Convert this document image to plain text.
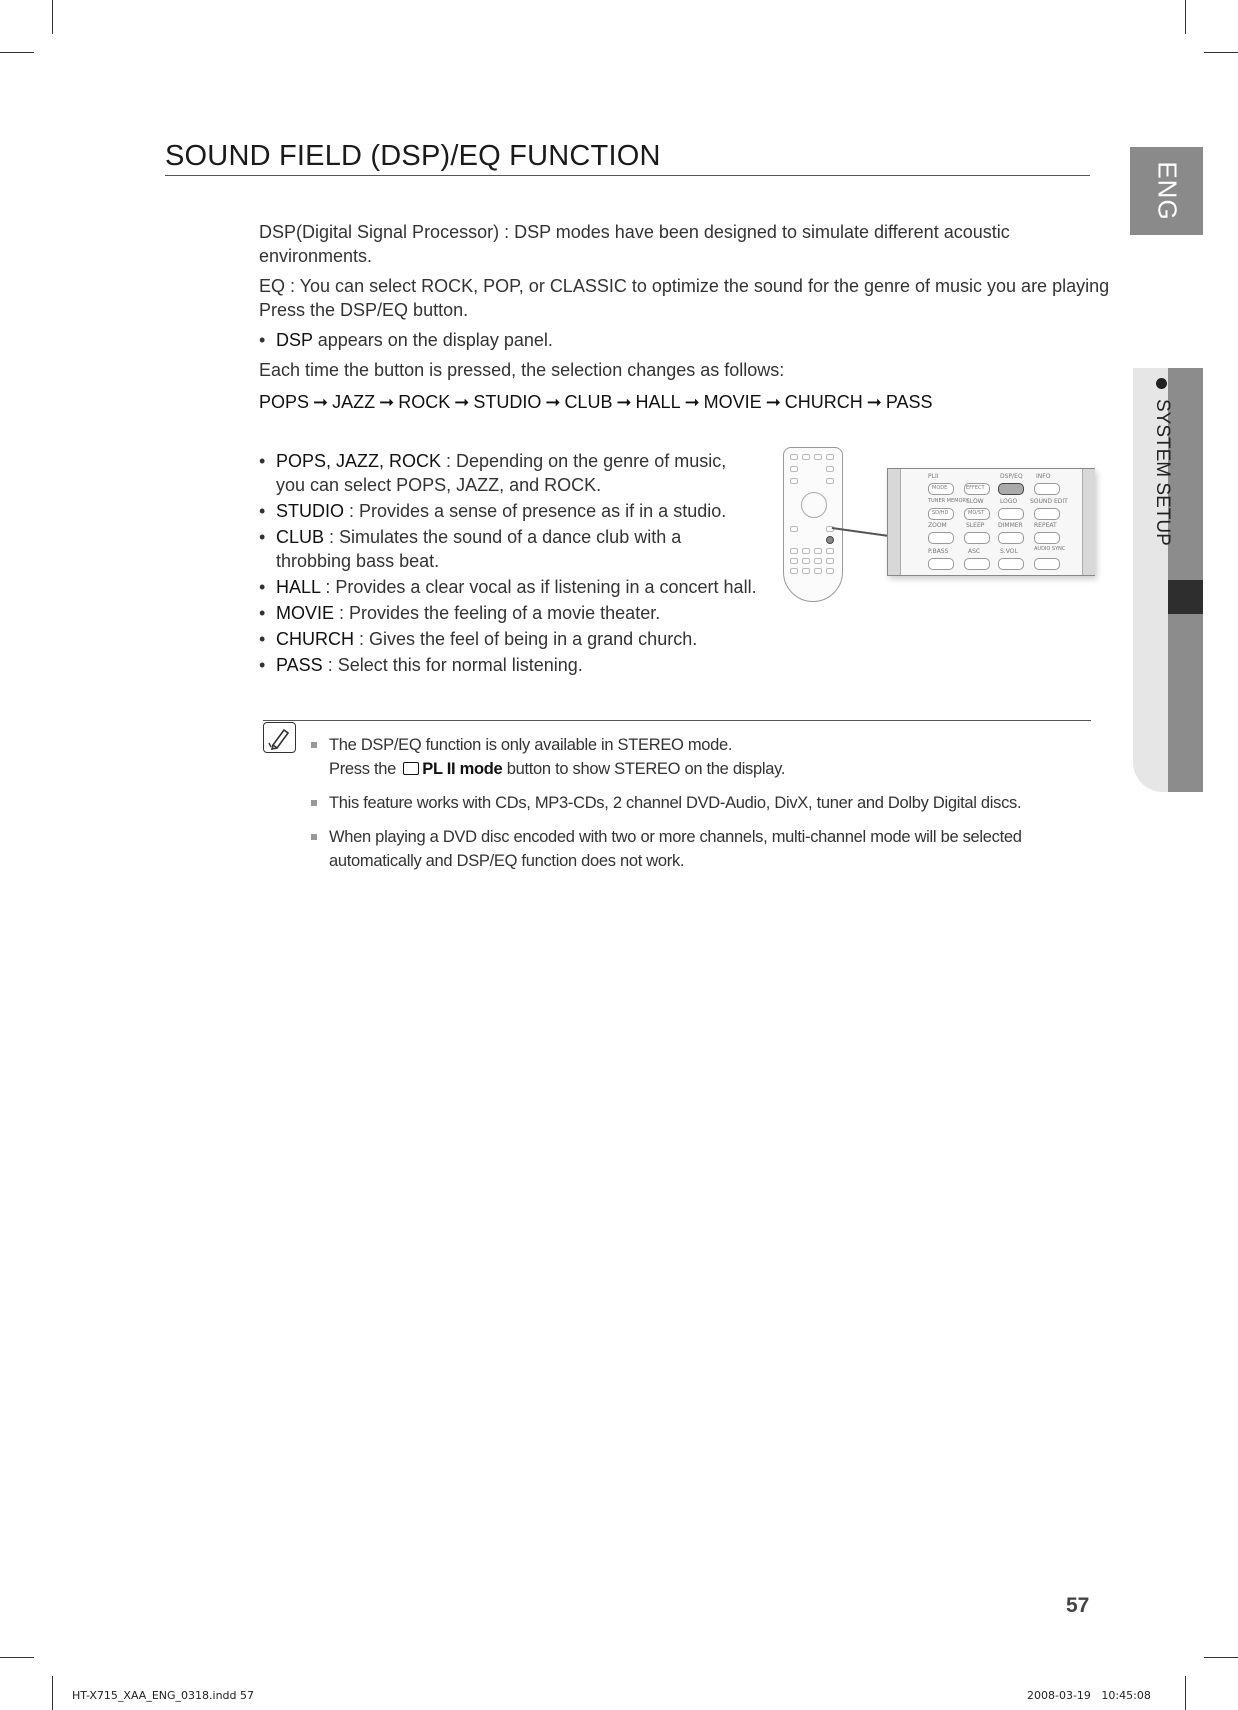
ENG
SYSTEM SETUP
SOUND FIELD (DSP)/EQ FUNCTION

DSP(Digital Signal Processor) : DSP modes have been designed to simulate different acoustic environments.

EQ : You can select ROCK, POP, or CLASSIC to optimize the sound for the genre of music you are playing

Press the DSP/EQ button.

• DSP appears on the display panel.

Each time the button is pressed, the selection changes as follows:

POPS ➞ JAZZ ➞ ROCK ➞ STUDIO ➞ CLUB ➞ HALL ➞ MOVIE ➞ CHURCH ➞ PASS
• POPS, JAZZ, ROCK : Depending on the genre of music, you can select POPS, JAZZ, and ROCK.
• STUDIO : Provides a sense of presence as if in a studio.
• CLUB : Simulates the sound of a dance club with a throbbing bass beat.
• HALL : Provides a clear vocal as if listening in a concert hall.
• MOVIE : Provides the feeling of a movie theater.
• CHURCH : Gives the feel of being in a grand church.
• PASS : Select this for normal listening.
PLII	DSP/EQ INFO
MODE	EFFECT
TUNER MEMORY
SLOW	LOGO SOUND EDIT
SD/HD	MO/ST
ZOOM	SLEEP DIMMER REPEAT
P.BASS	ASC	S.VOL	AUDIO SYNC
The DSP/EQ function is only available in STEREO mode.
Press the PL II mode button to show STEREO on the display.
This feature works with CDs, MP3-CDs, 2 channel DVD-Audio, DivX, tuner and Dolby Digital discs.
When playing a DVD disc encoded with two or more channels, multi-channel mode will be selected automatically and DSP/EQ function does not work.
57
HT-X715_XAA_ENG_0318.indd 57	2008-03-19   10:45:08
